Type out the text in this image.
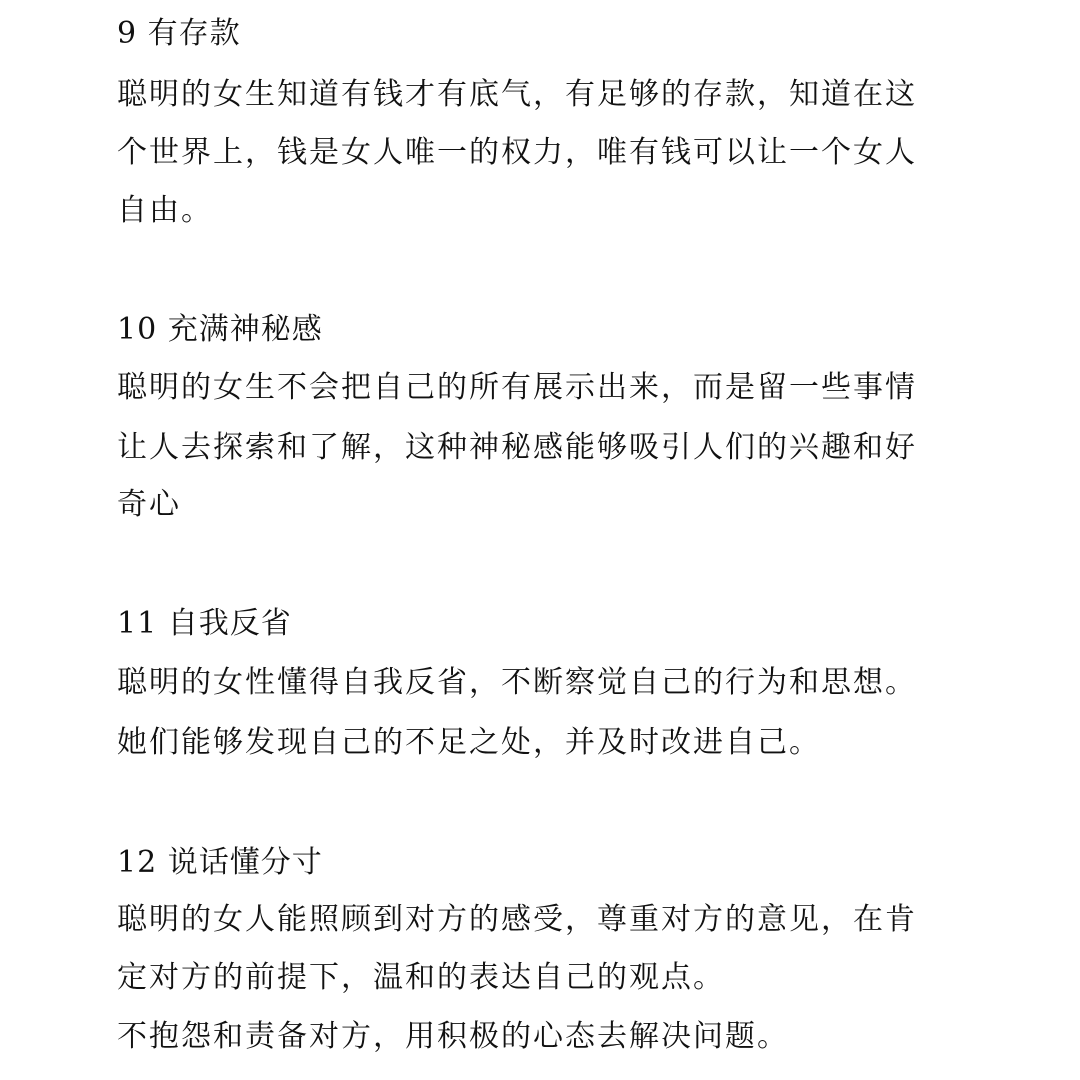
9 有存款
聪明的女生知道有钱才有底气，有足够的存款，知道在这
个世界上，钱是女人唯一的权力，唯有钱可以让一个女人
自由。
10 充满神秘感
聪明的女生不会把自己的所有展示出来，而是留一些事情
让人去探索和了解，这种神秘感能够吸引人们的兴趣和好
奇心
11 自我反省
聪明的女性懂得自我反省，不断察觉自己的行为和思想。
她们能够发现自己的不足之处，并及时改进自己。
12 说话懂分寸
聪明的女人能照顾到对方的感受，尊重对方的意见，在肯
定对方的前提下，温和的表达自己的观点。
不抱怨和责备对方，用积极的心态去解决问题。
